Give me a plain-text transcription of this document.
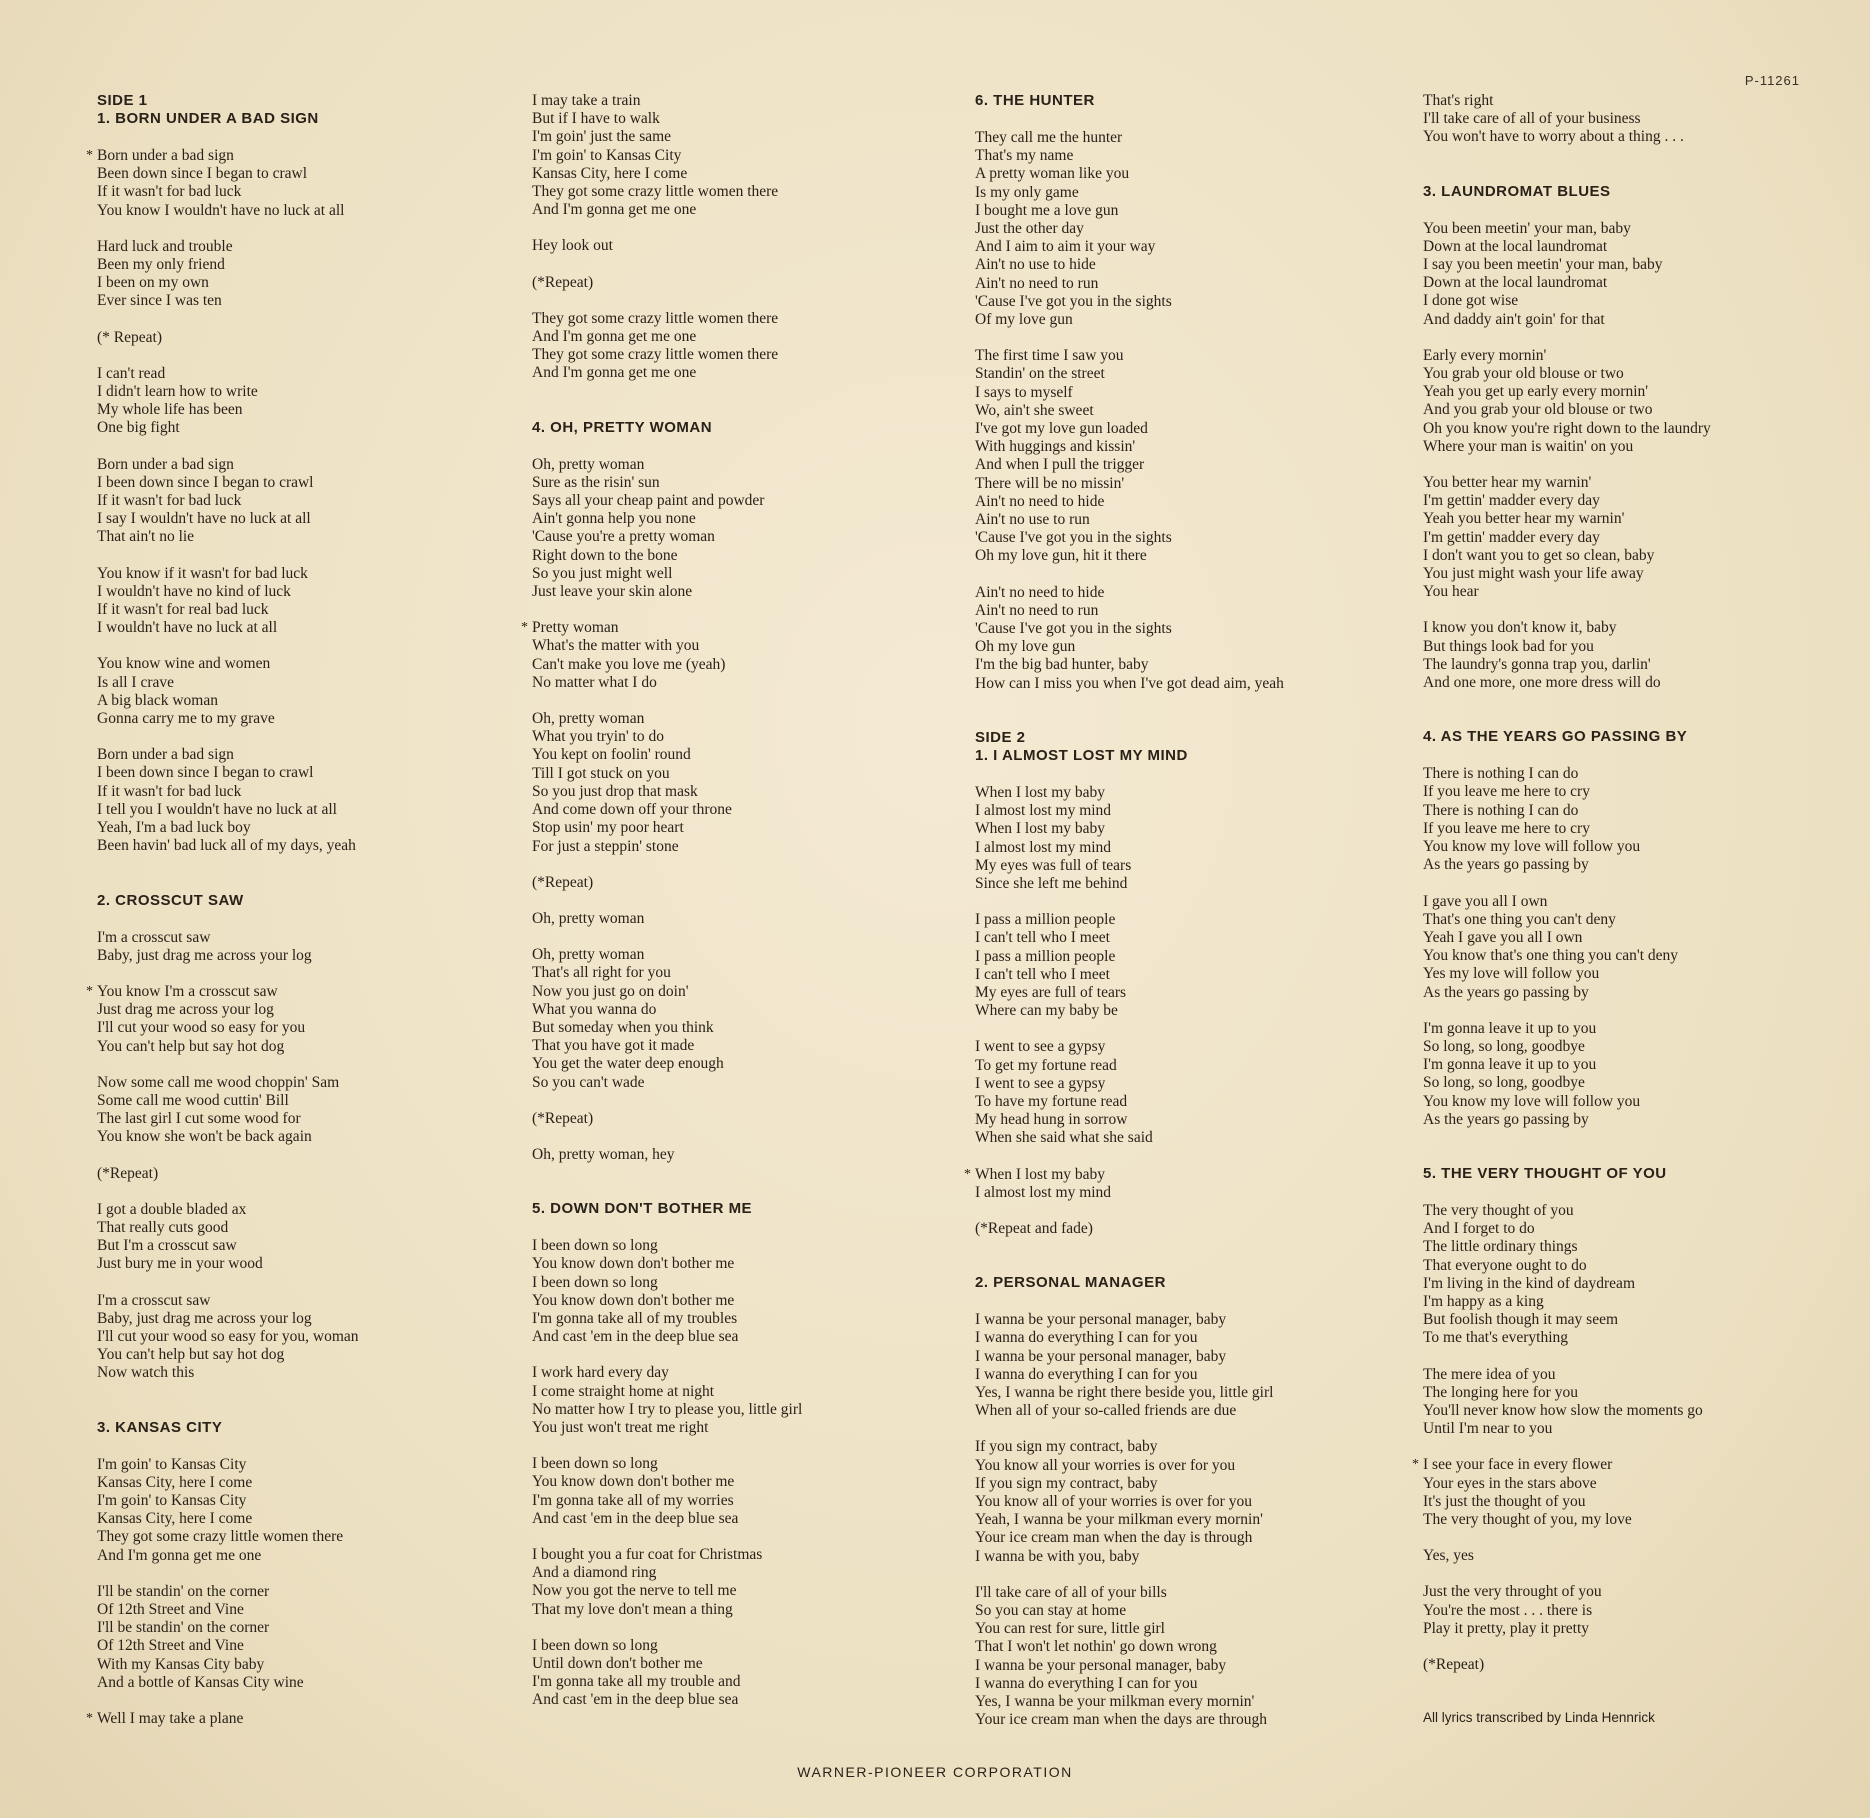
P-11261
SIDE 1
1. BORN UNDER A BAD SIGN
* Born under a bad sign
Been down since I began to crawl
If it wasn't for bad luck
You know I wouldn't have no luck at all
Hard luck and trouble
Been my only friend
I been on my own
Ever since I was ten
(* Repeat)
I can't read
I didn't learn how to write
My whole life has been
One big fight
Born under a bad sign
I been down since I began to crawl
If it wasn't for bad luck
I say I wouldn't have no luck at all
That ain't no lie
You know if it wasn't for bad luck
I wouldn't have no kind of luck
If it wasn't for real bad luck
I wouldn't have no luck at all
You know wine and women
Is all I crave
A big black woman
Gonna carry me to my grave
Born under a bad sign
I been down since I began to crawl
If it wasn't for bad luck
I tell you I wouldn't have no luck at all
Yeah, I'm a bad luck boy
Been havin' bad luck all of my days, yeah
2. CROSSCUT SAW
I'm a crosscut saw
Baby, just drag me across your log
* You know I'm a crosscut saw
Just drag me across your log
I'll cut your wood so easy for you
You can't help but say hot dog
Now some call me wood choppin' Sam
Some call me wood cuttin' Bill
The last girl I cut some wood for
You know she won't be back again
(*Repeat)
I got a double bladed ax
That really cuts good
But I'm a crosscut saw
Just bury me in your wood
I'm a crosscut saw
Baby, just drag me across your log
I'll cut your wood so easy for you, woman
You can't help but say hot dog
Now watch this
3. KANSAS CITY
I'm goin' to Kansas City
Kansas City, here I come
I'm goin' to Kansas City
Kansas City, here I come
They got some crazy little women there
And I'm gonna get me one
I'll be standin' on the corner
Of 12th Street and Vine
I'll be standin' on the corner
Of 12th Street and Vine
With my Kansas City baby
And a bottle of Kansas City wine
* Well I may take a plane
I may take a train
But if I have to walk
I'm goin' just the same
I'm goin' to Kansas City
Kansas City, here I come
They got some crazy little women there
And I'm gonna get me one
Hey look out
(*Repeat)
They got some crazy little women there
And I'm gonna get me one
They got some crazy little women there
And I'm gonna get me one
4. OH, PRETTY WOMAN
Oh, pretty woman
Sure as the risin' sun
Says all your cheap paint and powder
Ain't gonna help you none
'Cause you're a pretty woman
Right down to the bone
So you just might well
Just leave your skin alone
* Pretty woman
What's the matter with you
Can't make you love me (yeah)
No matter what I do
Oh, pretty woman
What you tryin' to do
You kept on foolin' round
Till I got stuck on you
So you just drop that mask
And come down off your throne
Stop usin' my poor heart
For just a steppin' stone
(*Repeat)
Oh, pretty woman
Oh, pretty woman
That's all right for you
Now you just go on doin'
What you wanna do
But someday when you think
That you have got it made
You get the water deep enough
So you can't wade
(*Repeat)
Oh, pretty woman, hey
5. DOWN DON'T BOTHER ME
I been down so long
You know down don't bother me
I been down so long
You know down don't bother me
I'm gonna take all of my troubles
And cast 'em in the deep blue sea
I work hard every day
I come straight home at night
No matter how I try to please you, little girl
You just won't treat me right
I been down so long
You know down don't bother me
I'm gonna take all of my worries
And cast 'em in the deep blue sea
I bought you a fur coat for Christmas
And a diamond ring
Now you got the nerve to tell me
That my love don't mean a thing
I been down so long
Until down don't bother me
I'm gonna take all my trouble and
And cast 'em in the deep blue sea
6. THE HUNTER
They call me the hunter
That's my name
A pretty woman like you
Is my only game
I bought me a love gun
Just the other day
And I aim to aim it your way
Ain't no use to hide
Ain't no need to run
'Cause I've got you in the sights
Of my love gun
The first time I saw you
Standin' on the street
I says to myself
Wo, ain't she sweet
I've got my love gun loaded
With huggings and kissin'
And when I pull the trigger
There will be no missin'
Ain't no need to hide
Ain't no use to run
'Cause I've got you in the sights
Oh my love gun, hit it there
Ain't no need to hide
Ain't no need to run
'Cause I've got you in the sights
Oh my love gun
I'm the big bad hunter, baby
How can I miss you when I've got dead aim, yeah
SIDE 2
1. I ALMOST LOST MY MIND
When I lost my baby
I almost lost my mind
When I lost my baby
I almost lost my mind
My eyes was full of tears
Since she left me behind
I pass a million people
I can't tell who I meet
I pass a million people
I can't tell who I meet
My eyes are full of tears
Where can my baby be
I went to see a gypsy
To get my fortune read
I went to see a gypsy
To have my fortune read
My head hung in sorrow
When she said what she said
* When I lost my baby
I almost lost my mind
(*Repeat and fade)
2. PERSONAL MANAGER
I wanna be your personal manager, baby
I wanna do everything I can for you
I wanna be your personal manager, baby
I wanna do everything I can for you
Yes, I wanna be right there beside you, little girl
When all of your so-called friends are due
If you sign my contract, baby
You know all your worries is over for you
If you sign my contract, baby
You know all of your worries is over for you
Yeah, I wanna be your milkman every mornin'
Your ice cream man when the day is through
I wanna be with you, baby
I'll take care of all of your bills
So you can stay at home
You can rest for sure, little girl
That I won't let nothin' go down wrong
I wanna be your personal manager, baby
I wanna do everything I can for you
Yes, I wanna be your milkman every mornin'
Your ice cream man when the days are through
That's right
I'll take care of all of your business
You won't have to worry about a thing . . .
3. LAUNDROMAT BLUES
You been meetin' your man, baby
Down at the local laundromat
I say you been meetin' your man, baby
Down at the local laundromat
I done got wise
And daddy ain't goin' for that
Early every mornin'
You grab your old blouse or two
Yeah you get up early every mornin'
And you grab your old blouse or two
Oh you know you're right down to the laundry
Where your man is waitin' on you
You better hear my warnin'
I'm gettin' madder every day
Yeah you better hear my warnin'
I'm gettin' madder every day
I don't want you to get so clean, baby
You just might wash your life away
You hear
I know you don't know it, baby
But things look bad for you
The laundry's gonna trap you, darlin'
And one more, one more dress will do
4. AS THE YEARS GO PASSING BY
There is nothing I can do
If you leave me here to cry
There is nothing I can do
If you leave me here to cry
You know my love will follow you
As the years go passing by
I gave you all I own
That's one thing you can't deny
Yeah I gave you all I own
You know that's one thing you can't deny
Yes my love will follow you
As the years go passing by
I'm gonna leave it up to you
So long, so long, goodbye
I'm gonna leave it up to you
So long, so long, goodbye
You know my love will follow you
As the years go passing by
5. THE VERY THOUGHT OF YOU
The very thought of you
And I forget to do
The little ordinary things
That everyone ought to do
I'm living in the kind of daydream
I'm happy as a king
But foolish though it may seem
To me that's everything
The mere idea of you
The longing here for you
You'll never know how slow the moments go
Until I'm near to you
* I see your face in every flower
Your eyes in the stars above
It's just the thought of you
The very thought of you, my love
Yes, yes
Just the very throught of you
You're the most . . . there is
Play it pretty, play it pretty
(*Repeat)
All lyrics transcribed by Linda Hennrick
WARNER-PIONEER CORPORATION
